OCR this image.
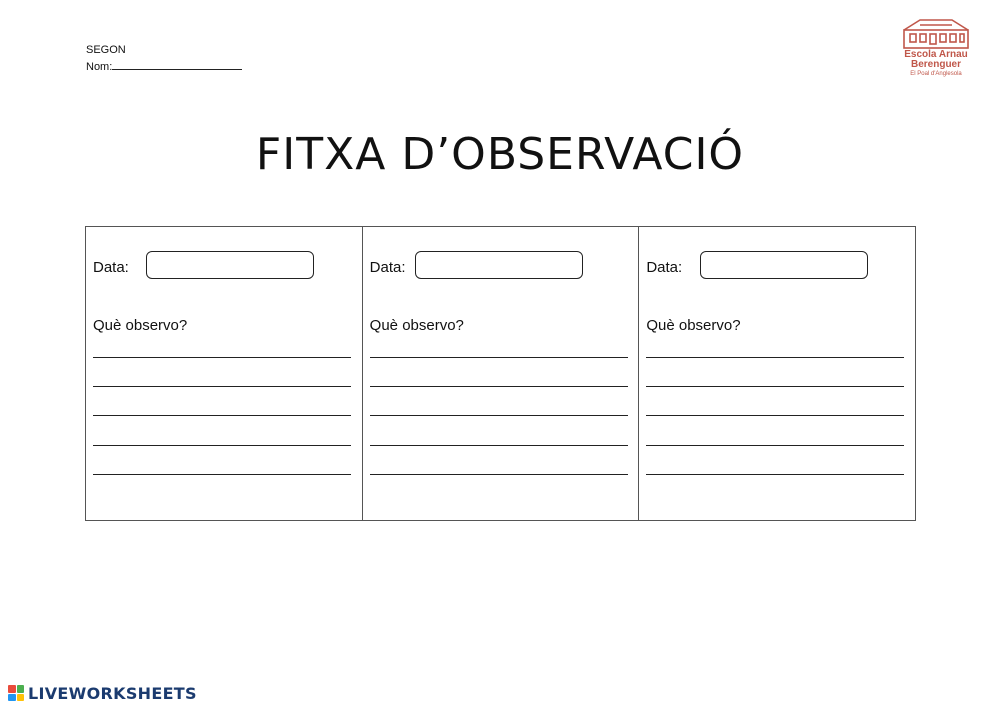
SEGON
Nom:
Escola Arnau
Berenguer
El Poal d'Anglesola
FITXA D’OBSERVACIÓ
Data:
Què observo?
Data:
Què observo?
Data:
Què observo?
LIVEWORKSHEETS
